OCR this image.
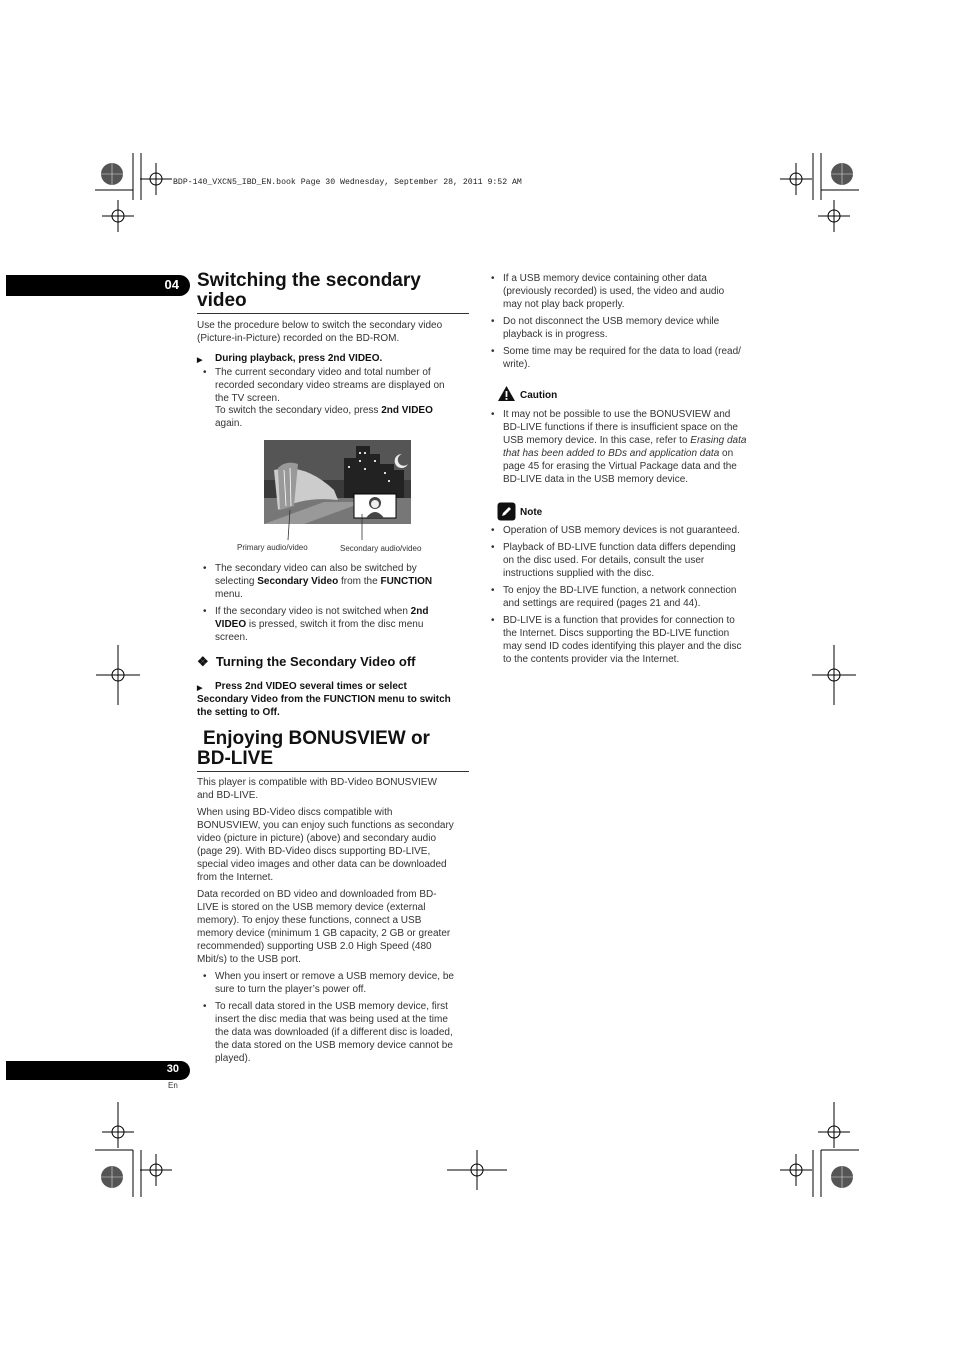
BDP-140_VXCN5_IBD_EN.book Page 30 Wednesday, September 28, 2011 9:52 AM
04
30
En
Switching the secondary
video

Use the procedure below to switch the secondary video
(Picture-in-Picture) recorded on the BD-ROM.

▶ During playback, press 2nd VIDEO.
• The current secondary video and total number of
recorded secondary video streams are displayed on
the TV screen.

To switch the secondary video, press 2nd VIDEO
again.

Primary audio/video	Secondary audio/video
• The secondary video can also be switched by
selecting Secondary Video from the FUNCTION
menu.
• If the secondary video is not switched when 2nd
VIDEO is pressed, switch it from the disc menu
screen.
❖ Turning the Secondary Video off
▶ Press 2nd VIDEO several times or select
Secondary Video from the FUNCTION menu to switch
the setting to Off.
Enjoying BONUSVIEW or
BD-LIVE

This player is compatible with BD-Video BONUSVIEW
and BD-LIVE.

When using BD-Video discs compatible with
BONUSVIEW, you can enjoy such functions as secondary
video (picture in picture) (above) and secondary audio
(page 29). With BD-Video discs supporting BD-LIVE,
special video images and other data can be downloaded
from the Internet.

Data recorded on BD video and downloaded from BD-
LIVE is stored on the USB memory device (external
memory). To enjoy these functions, connect a USB
memory device (minimum 1 GB capacity, 2 GB or greater
recommended) supporting USB 2.0 High Speed (480
Mbit/s) to the USB port.

• When you insert or remove a USB memory device, be
sure to turn the player’s power off.
• To recall data stored in the USB memory device, first
insert the disc media that was being used at the time
the data was downloaded (if a different disc is loaded,
the data stored on the USB memory device cannot be
played).
• If a USB memory device containing other data
(previously recorded) is used, the video and audio
may not play back properly.
• Do not disconnect the USB memory device while
playback is in progress.
• Some time may be required for the data to load (read/
write).
Caution
• It may not be possible to use the BONUSVIEW and
BD-LIVE functions if there is insufficient space on the
USB memory device. In this case, refer to Erasing data
that has been added to BDs and application data on
page 45 for erasing the Virtual Package data and the
BD-LIVE data in the USB memory device.
Note
• Operation of USB memory devices is not guaranteed.
• Playback of BD-LIVE function data differs depending
on the disc used. For details, consult the user
instructions supplied with the disc.
• To enjoy the BD-LIVE function, a network connection
and settings are required (pages 21 and 44).
• BD-LIVE is a function that provides for connection to
the Internet. Discs supporting the BD-LIVE function
may send ID codes identifying this player and the disc
to the contents provider via the Internet.
